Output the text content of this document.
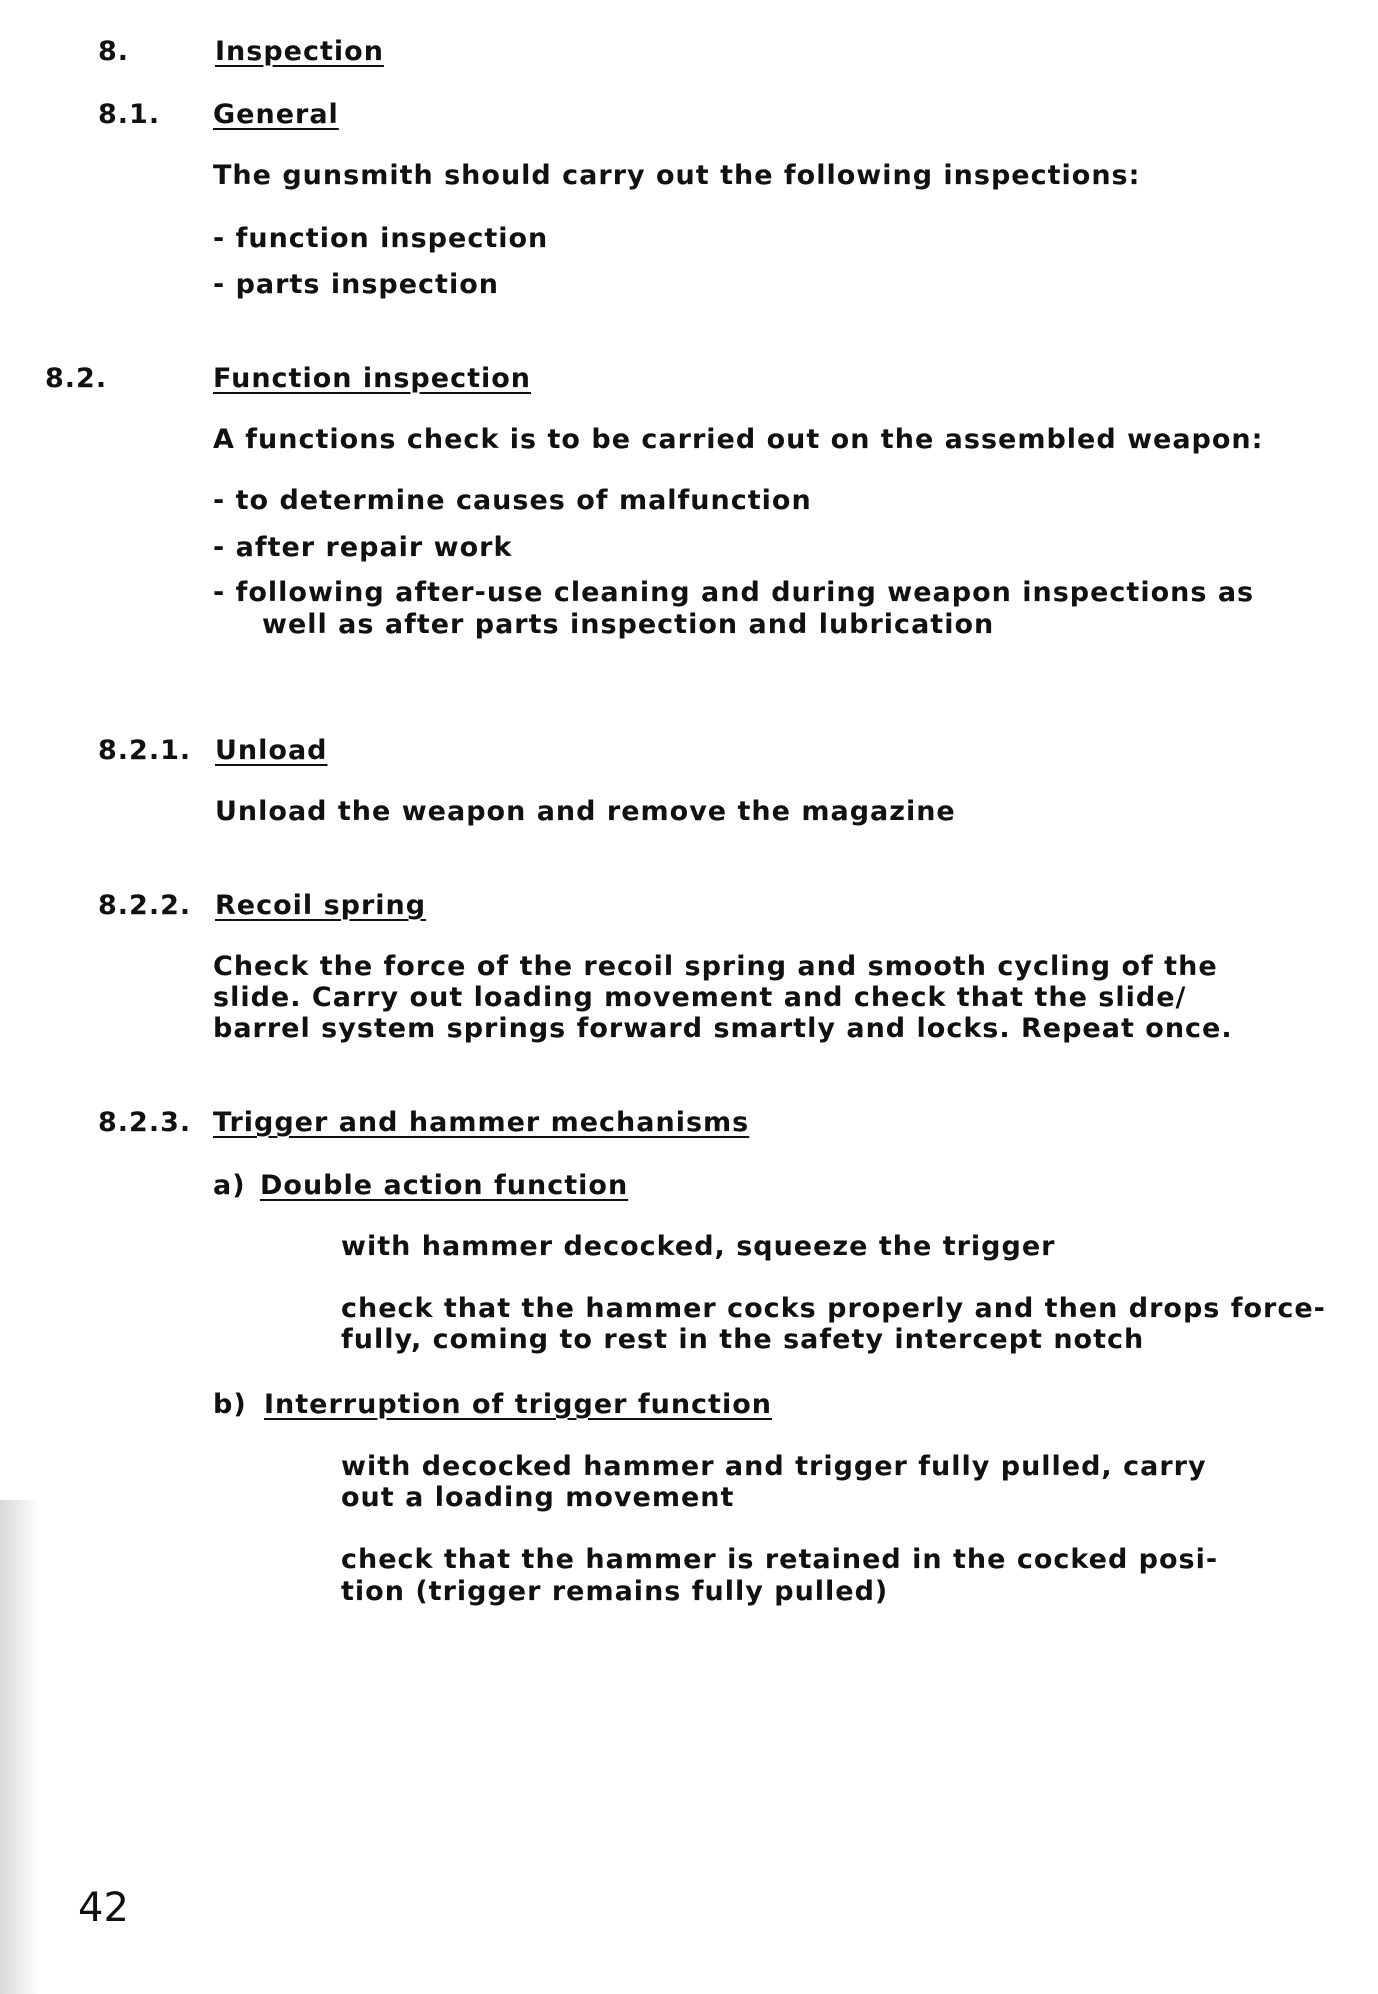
8.	Inspection

8.1. General

The gunsmith should carry out the following inspections:

- function inspection

- parts inspection

8.2.	Function inspection

A functions check is to be carried out on the assembled weapon:

- to determine causes of malfunction

- after repair work

- following after-use cleaning and during weapon inspections as

well as after parts inspection and lubrication

8.2.1. Unload

Unload the weapon and remove the magazine

8.2.2. Recoil spring

Check the force of the recoil spring and smooth cycling of the

slide. Carry out loading movement and check that the slide/

barrel system springs forward smartly and locks. Repeat once.

8.2.3. Trigger and hammer mechanisms

a) Double action function

with hammer decocked, squeeze the trigger

check that the hammer cocks properly and then drops force-

fully, coming to rest in the safety intercept notch

b) Interruption of trigger function

with decocked hammer and trigger fully pulled, carry

out a loading movement

check that the hammer is retained in the cocked posi-

tion (trigger remains fully pulled)

42
